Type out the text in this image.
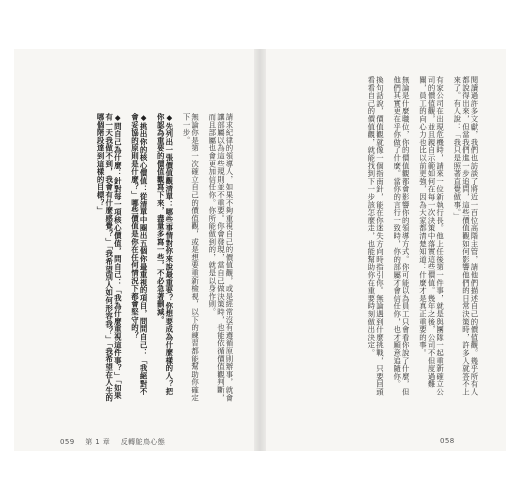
閱讀過許多文獻，我們也訪談了將近一百位高階主管，請他們描述自己的價值觀。幾乎所有人都說得出來，但當我們進一步追問，這些價值觀如何影響他們的日常決策時，許多人就答不上來了。有人說：「我只是照著直覺做事。」
有家公司在出現危機時，請來一位新執行長。他上任後第一件事，就是與團隊一起重新確立公司的價值觀，並且親自示範如何在每一次決策中落實這些價值。幾年之後，公司不但度過難關，員工的向心力也比以前更強，因為大家都清楚知道：什麼才是真正重要的事。
無論是什麼職位，你的價值觀都會影響你的領導方式。你可能以為員工只會看你說了什麼，但他們其實更在乎你做了什麼。當你的言行一致時，你的部屬才會信任你，也才願意追隨你。
換句話說，價值觀就像一個指南針，能在你迷失方向時指引你。無論遇到什麼挑戰，只要回頭看看自己的價值觀，就能找到下一步該怎麼走，也能幫助你在重要時刻做出決定。
請求紀律的領導人，如果不夠重視自己的價值觀，或是經常沒有遵循原則辦事，就會讓部屬以為這些規則並不重要。你會發現，當自己做決策時，也能依循價值觀判斷，而且部屬也會更加信任你。你所能做到的，就是以身作則。
無論你是第一次確立自己的價值觀，或是想要重新檢視，以下的練習都能幫助你確定下一步。
◆先列出一張價值觀清單：哪些事情對你來說最重要？你想要成為什麼樣的人？把你認為重要的價值觀寫下來，盡量多寫一些，不必急著刪減。
◆挑出你的核心價值：從清單中圈出五個你最重視的項目，問問自己：「我絕對不會妥協的原則是什麼？」哪些價值是你在任何情況下都會堅守的？
◆問自己為什麼：針對每一項核心價值，問自己：「我為什麼重視這件事？」「如果有一天我做不到，我會有什麼感覺？」「我希望別人如何形容我？」「我希望在人生的哪個階段達到這樣的目標？」
059 第 1 章 反轉鴕鳥心態	058
